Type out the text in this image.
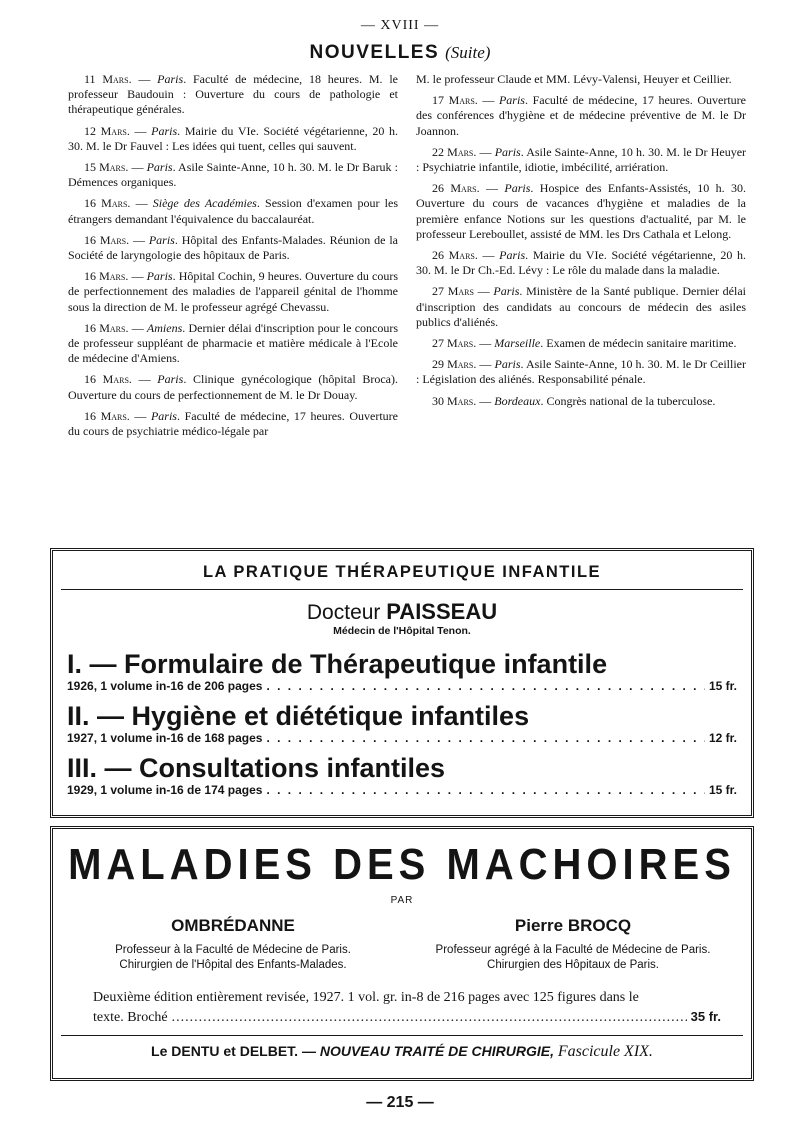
— XVIII —
NOUVELLES (Suite)

11 Mars. — Paris. Faculté de médecine, 18 heures. M. le professeur Baudouin : Ouverture du cours de pathologie et thérapeutique générales.

12 Mars. — Paris. Mairie du VIe. Société végétarienne, 20 h. 30. M. le Dr Fauvel : Les idées qui tuent, celles qui sauvent.

15 Mars. — Paris. Asile Sainte-Anne, 10 h. 30. M. le Dr Baruk : Démences organiques.

16 Mars. — Siège des Académies. Session d'examen pour les étrangers demandant l'équivalence du baccalauréat.

16 Mars. — Paris. Hôpital des Enfants-Malades. Réunion de la Société de laryngologie des hôpitaux de Paris.

16 Mars. — Paris. Hôpital Cochin, 9 heures. Ouverture du cours de perfectionnement des maladies de l'appareil génital de l'homme sous la direction de M. le professeur agrégé Chevassu.

16 Mars. — Amiens. Dernier délai d'inscription pour le concours de professeur suppléant de pharmacie et matière médicale à l'Ecole de médecine d'Amiens.

16 Mars. — Paris. Clinique gynécologique (hôpital Broca). Ouverture du cours de perfectionnement de M. le Dr Douay.

16 Mars. — Paris. Faculté de médecine, 17 heures. Ouverture du cours de psychiatrie médico-légale par

M. le professeur Claude et MM. Lévy-Valensi, Heuyer et Ceillier.

17 Mars. — Paris. Faculté de médecine, 17 heures. Ouverture des conférences d'hygiène et de médecine préventive de M. le Dr Joannon.

22 Mars. — Paris. Asile Sainte-Anne, 10 h. 30. M. le Dr Heuyer : Psychiatrie infantile, idiotie, imbécilité, arriération.

26 Mars. — Paris. Hospice des Enfants-Assistés, 10 h. 30. Ouverture du cours de vacances d'hygiène et maladies de la première enfance Notions sur les questions d'actualité, par M. le professeur Lereboullet, assisté de MM. les Drs Cathala et Lelong.

26 Mars. — Paris. Mairie du VIe. Société végétarienne, 20 h. 30. M. le Dr Ch.-Ed. Lévy : Le rôle du malade dans la maladie.

27 Mars — Paris. Ministère de la Santé publique. Dernier délai d'inscription des candidats au concours de médecin des asiles publics d'aliénés.

27 Mars. — Marseille. Examen de médecin sanitaire maritime.

29 Mars. — Paris. Asile Sainte-Anne, 10 h. 30. M. le Dr Ceillier : Législation des aliénés. Responsabilité pénale.

30 Mars. — Bordeaux. Congrès national de la tuberculose.

LA PRATIQUE THÉRAPEUTIQUE INFANTILE
Docteur PAISSEAU
Médecin de l'Hôpital Tenon.
I. — Formulaire de Thérapeutique infantile
1926, 1 volume in-16 de 206 pages . . .	15 fr.
II. — Hygiène et diététique infantiles
1927, 1 volume in-16 de 168 pages . . .	12 fr.
III. — Consultations infantiles
1929, 1 volume in-16 de 174 pages . . .	15 fr.
MALADIES DES MACHOIRES
PAR
OMBRÉDANNE
Professeur à la Faculté de Médecine de Paris.
Chirurgien de l'Hôpital des Enfants-Malades.
Pierre BROCQ
Professeur agrégé à la Faculté de Médecine de Paris.
Chirurgien des Hôpitaux de Paris.
Deuxième édition entièrement revisée, 1927. 1 vol. gr. in-8 de 216 pages avec 125 figures dans le
texte. Broché .....	35 fr.
Le DENTU et DELBET. — NOUVEAU TRAITÉ DE CHIRURGIE, Fascicule XIX.
— 215 —
